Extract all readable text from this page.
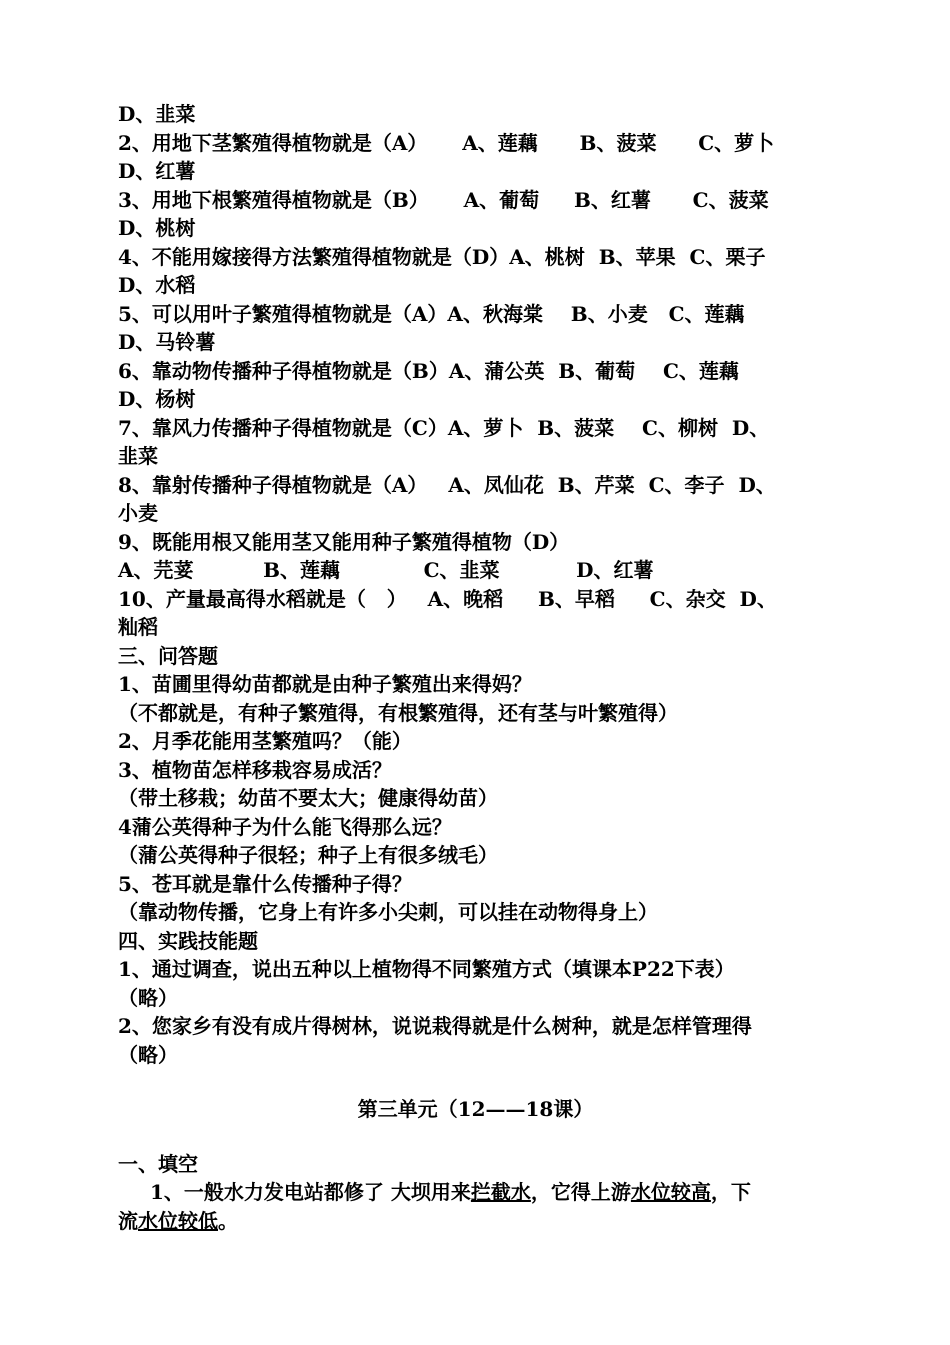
D、韭菜
2、用地下茎繁殖得植物就是（A）     A、莲藕      B、菠菜      C、萝卜
D、红薯
3、用地下根繁殖得植物就是（B）     A、葡萄     B、红薯      C、菠菜
D、桃树
4、不能用嫁接得方法繁殖得植物就是（D）A、桃树  B、苹果  C、栗子
D、水稻
5、可以用叶子繁殖得植物就是（A）A、秋海棠    B、小麦   C、莲藕
D、马铃薯
6、靠动物传播种子得植物就是（B）A、蒲公英  B、葡萄    C、莲藕
D、杨树
7、靠风力传播种子得植物就是（C）A、萝卜  B、菠菜    C、柳树  D、
韭菜
8、靠射传播种子得植物就是（A）   A、凤仙花  B、芹菜  C、李子  D、
小麦
9、既能用根又能用茎又能用种子繁殖得植物（D）
A、芫荽          B、莲藕            C、韭菜           D、红薯
10、产量最高得水稻就是（   ）   A、晚稻     B、早稻     C、杂交  D、
籼稻
三、问答题
1、苗圃里得幼苗都就是由种子繁殖出来得妈？
（不都就是，有种子繁殖得，有根繁殖得，还有茎与叶繁殖得）
2、月季花能用茎繁殖吗？（能）
3、植物苗怎样移栽容易成活？
（带土移栽；幼苗不要太大；健康得幼苗）
4蒲公英得种子为什么能飞得那么远？
（蒲公英得种子很轻；种子上有很多绒毛）
5、苍耳就是靠什么传播种子得？
（靠动物传播，它身上有许多小尖刺，可以挂在动物得身上）
四、实践技能题
1、通过调查，说出五种以上植物得不同繁殖方式（填课本P22下表）
（略）
2、您家乡有没有成片得树林，说说栽得就是什么树种，就是怎样管理得
（略）
第三单元（12——18课）
一、填空
1、一般水力发电站都修了 大坝用来拦截水，它得上游水位较高，下
流水位较低。
